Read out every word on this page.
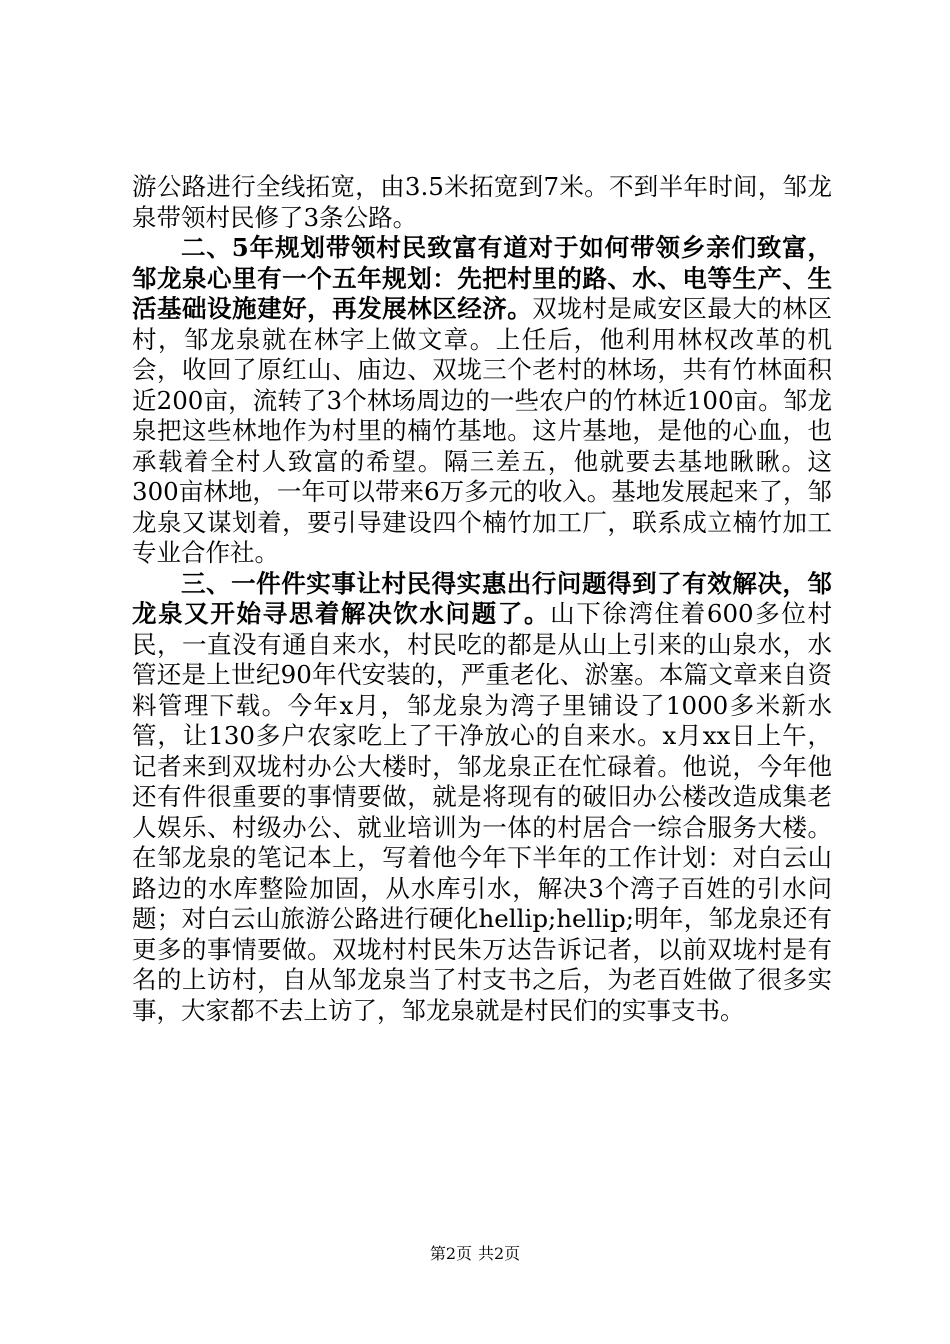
游公路进行全线拓宽，由3.5米拓宽到7米。不到半年时间，邹龙泉带领村民修了3条公路。

二、5年规划带领村民致富有道对于如何带领乡亲们致富，邹龙泉心里有一个五年规划：先把村里的路、水、电等生产、生活基础设施建好，再发展林区经济。双垅村是咸安区最大的林区村，邹龙泉就在林字上做文章。上任后，他利用林权改革的机会，收回了原红山、庙边、双垅三个老村的林场，共有竹林面积近200亩，流转了3个林场周边的一些农户的竹林近100亩。邹龙泉把这些林地作为村里的楠竹基地。这片基地，是他的心血，也承载着全村人致富的希望。隔三差五，他就要去基地瞅瞅。这300亩林地，一年可以带来6万多元的收入。基地发展起来了，邹龙泉又谋划着，要引导建设四个楠竹加工厂，联系成立楠竹加工专业合作社。

三、一件件实事让村民得实惠出行问题得到了有效解决，邹龙泉又开始寻思着解决饮水问题了。山下徐湾住着600多位村民，一直没有通自来水，村民吃的都是从山上引来的山泉水，水管还是上世纪90年代安装的，严重老化、淤塞。本篇文章来自资料管理下载。今年x月，邹龙泉为湾子里铺设了1000多米新水管，让130多户农家吃上了干净放心的自来水。x月xx日上午，记者来到双垅村办公大楼时，邹龙泉正在忙碌着。他说，今年他还有件很重要的事情要做，就是将现有的破旧办公楼改造成集老人娱乐、村级办公、就业培训为一体的村居合一综合服务大楼。在邹龙泉的笔记本上，写着他今年下半年的工作计划：对白云山路边的水库整险加固，从水库引水，解决3个湾子百姓的引水问题；对白云山旅游公路进行硬化hellip;hellip;明年，邹龙泉还有更多的事情要做。双垅村村民朱万达告诉记者，以前双垅村是有名的上访村，自从邹龙泉当了村支书之后，为老百姓做了很多实事，大家都不去上访了，邹龙泉就是村民们的实事支书。

第2页 共2页
